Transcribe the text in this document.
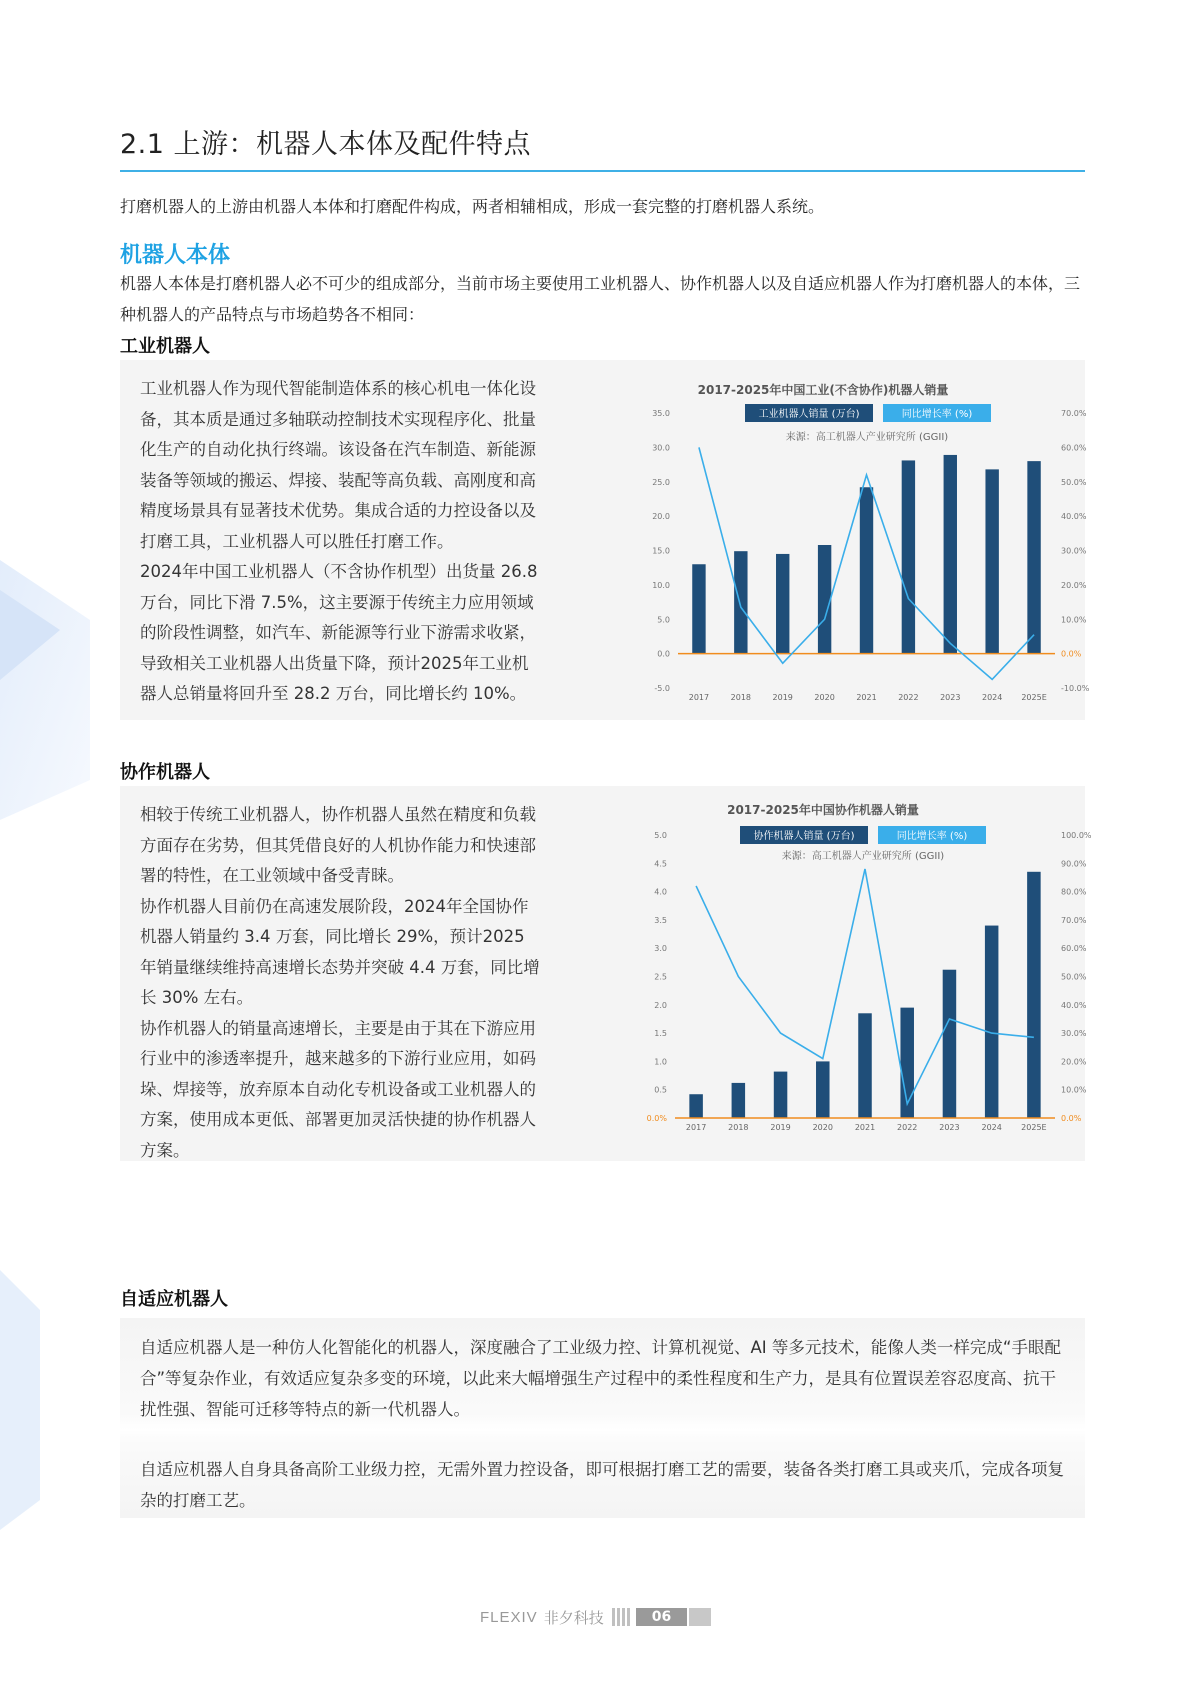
2.1 上游：机器人本体及配件特点

打磨机器人的上游由机器人本体和打磨配件构成，两者相辅相成，形成一套完整的打磨机器人系统。

机器人本体

机器人本体是打磨机器人必不可少的组成部分，当前市场主要使用工业机器人、协作机器人以及自适应机器人作为打磨机器人的本体，三种机器人的产品特点与市场趋势各不相同：

工业机器人

工业机器人作为现代智能制造体系的核心机电一体化设备，其本质是通过多轴联动控制技术实现程序化、批量化生产的自动化执行终端。该设备在汽车制造、新能源装备等领域的搬运、焊接、装配等高负载、高刚度和高精度场景具有显著技术优势。集成合适的力控设备以及打磨工具，工业机器人可以胜任打磨工作。

2024年中国工业机器人（不含协作机型）出货量 26.8 万台，同比下滑 7.5%，这主要源于传统主力应用领域的阶段性调整，如汽车、新能源等行业下游需求收紧，导致相关工业机器人出货量下降，预计2025年工业机器人总销量将回升至 28.2 万台，同比增长约 10%。

2017-2025年中国工业(不含协作)机器人销量
工业机器人销量 (万台)	同比增长率 (%)
来源：高工机器人产业研究所 (GGII)
-5.0
0.0
5.0
10.0
15.0
20.0
25.0
30.0
35.0
-10.0%
0.0%
10.0%
20.0%
30.0%
40.0%
50.0%
60.0%
70.0%
2017	2018	2019	2020	2021	2022	2023	2024 2025E
协作机器人

相较于传统工业机器人，协作机器人虽然在精度和负载方面存在劣势，但其凭借良好的人机协作能力和快速部署的特性，在工业领域中备受青睐。

协作机器人目前仍在高速发展阶段，2024年全国协作机器人销量约 3.4 万套，同比增长 29%，预计2025年销量继续维持高速增长态势并突破 4.4 万套，同比增长 30% 左右。

协作机器人的销量高速增长，主要是由于其在下游应用行业中的渗透率提升，越来越多的下游行业应用，如码垛、焊接等，放弃原本自动化专机设备或工业机器人的方案，使用成本更低、部署更加灵活快捷的协作机器人方案。

2017-2025年中国协作机器人销量
协作机器人销量 (万台)	同比增长率 (%)
来源：高工机器人产业研究所 (GGII)
0.0%
0.5
1.0
1.5
2.0
2.5
3.0
3.5
4.0
4.5
5.0
0.0%
10.0%
20.0%
30.0%
40.0%
50.0%
60.0%
70.0%
80.0%
90.0%
100.0%
2017	2018	2019	2020	2021	2022	2023	2024 2025E
自适应机器人

自适应机器人是一种仿人化智能化的机器人，深度融合了工业级力控、计算机视觉、AI 等多元技术，能像人类一样完成“手眼配合”等复杂作业，有效适应复杂多变的环境，以此来大幅增强生产过程中的柔性程度和生产力，是具有位置误差容忍度高、抗干扰性强、智能可迁移等特点的新一代机器人。

自适应机器人自身具备高阶工业级力控，无需外置力控设备，即可根据打磨工艺的需要，装备各类打磨工具或夹爪，完成各项复杂的打磨工艺。

FLEXIV 非夕科技	06
